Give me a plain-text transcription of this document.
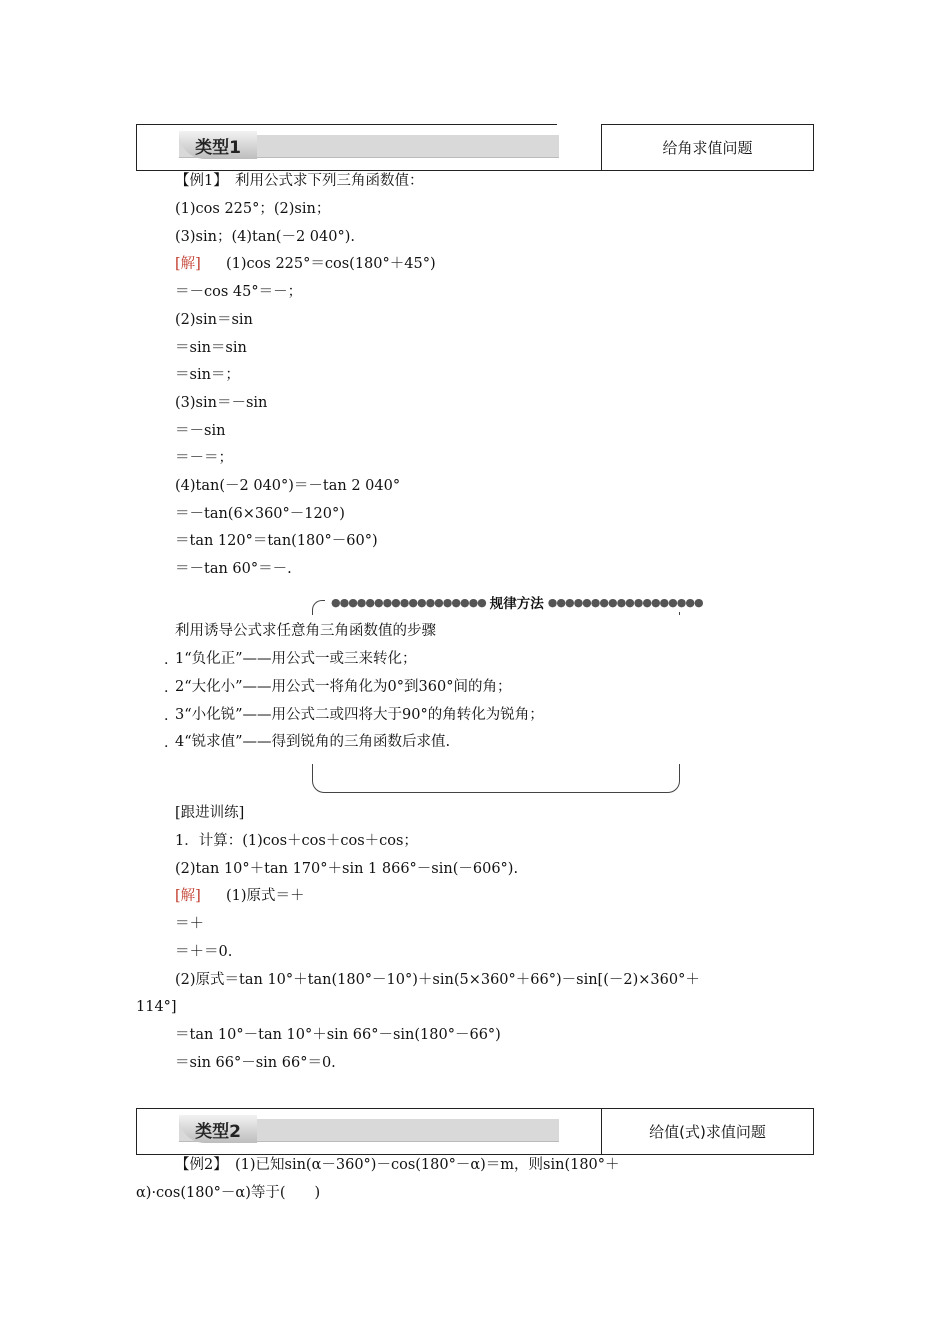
类型1	给角求值问题
【例1】　利用公式求下列三角函数值：
(1)cos 225°；(2)sin；
(3)sin；(4)tan(－2 040°).
[解] (1)cos 225°＝cos(180°＋45°)
＝－cos 45°＝－；
(2)sin＝sin
＝sin＝sin
＝sin＝；
(3)sin＝－sin
＝－sin
＝－＝；
(4)tan(－2 040°)＝－tan 2 040°
＝－tan(6×360°－120°)
＝tan 120°＝tan(180°－60°)
＝－tan 60°＝－.
●●●●●●●●●●●●●●●●●● 规律方法 ●●●●●●●●●●●●●●●●●●
利用诱导公式求任意角三角函数值的步骤
. 1“负化正”——用公式一或三来转化；
. 2“大化小”——用公式一将角化为0°到360°间的角；
. 3“小化锐”——用公式二或四将大于90°的角转化为锐角；
. 4“锐求值”——得到锐角的三角函数后求值.
[跟进训练]
1．计算：(1)cos＋cos＋cos＋cos；
(2)tan 10°＋tan 170°＋sin 1 866°－sin(－606°).
[解] (1)原式＝＋
＝＋
＝＋＝0.
(2)原式＝tan 10°＋tan(180°－10°)＋sin(5×360°＋66°)－sin[(－2)×360°＋
114°]
＝tan 10°－tan 10°＋sin 66°－sin(180°－66°)
＝sin 66°－sin 66°＝0.
类型2	给值(式)求值问题
【例2】　(1)已知sin(α－360°)－cos(180°－α)＝m，则sin(180°＋
α)·cos(180°－α)等于(　　)
